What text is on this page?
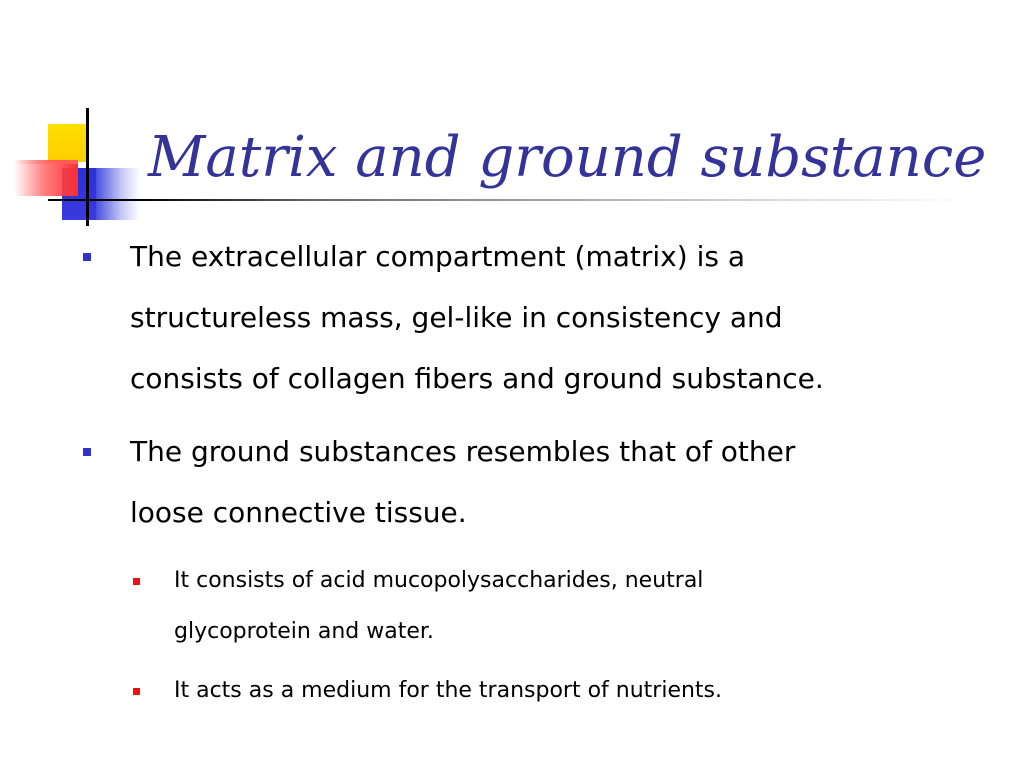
Matrix and ground substance
The extracellular compartment (matrix) is a structureless mass, gel-like in consistency and consists of collagen fibers and ground substance.
The ground substances resembles that of other loose connective tissue.
It consists of acid mucopolysaccharides, neutral glycoprotein and water.
It acts as a medium for the transport of nutrients.
